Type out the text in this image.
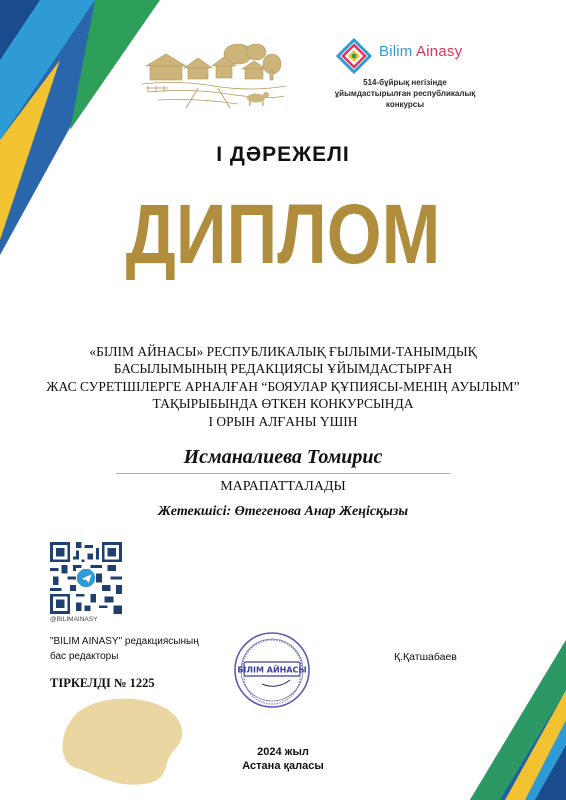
Bilim Ainasy
514-бұйрық негізінде ұйымдастырылған республикалық конкурсы
I ДӘРЕЖЕЛІ
ДИПЛОМ
«БІЛІМ АЙНАСЫ» РЕСПУБЛИКАЛЫҚ ҒЫЛЫМИ-ТАНЫМДЫҚ
БАСЫЛЫМЫНЫҢ РЕДАКЦИЯСЫ ҰЙЫМДАСТЫРҒАН
ЖАС СУРЕТШІЛЕРГЕ АРНАЛҒАН “БОЯУЛАР ҚҰПИЯСЫ-МЕНІҢ АУЫЛЫМ”
ТАҚЫРЫБЫНДА ӨТКЕН КОНКУРСЫНДА
І ОРЫН АЛҒАНЫ ҮШІН
Исманалиева Томирис
МАРАПАТТАЛАДЫ
Жетекшісі: Өтегенова Анар Жеңісқызы
@BILIMAINASY
"BILIM AINASY" редакциясының
бас редакторы
ТІРКЕЛДІ № 1225
БІЛІМ АЙНАСЫ
Қ.Қатшабаев
2024 жыл
Астана қаласы
